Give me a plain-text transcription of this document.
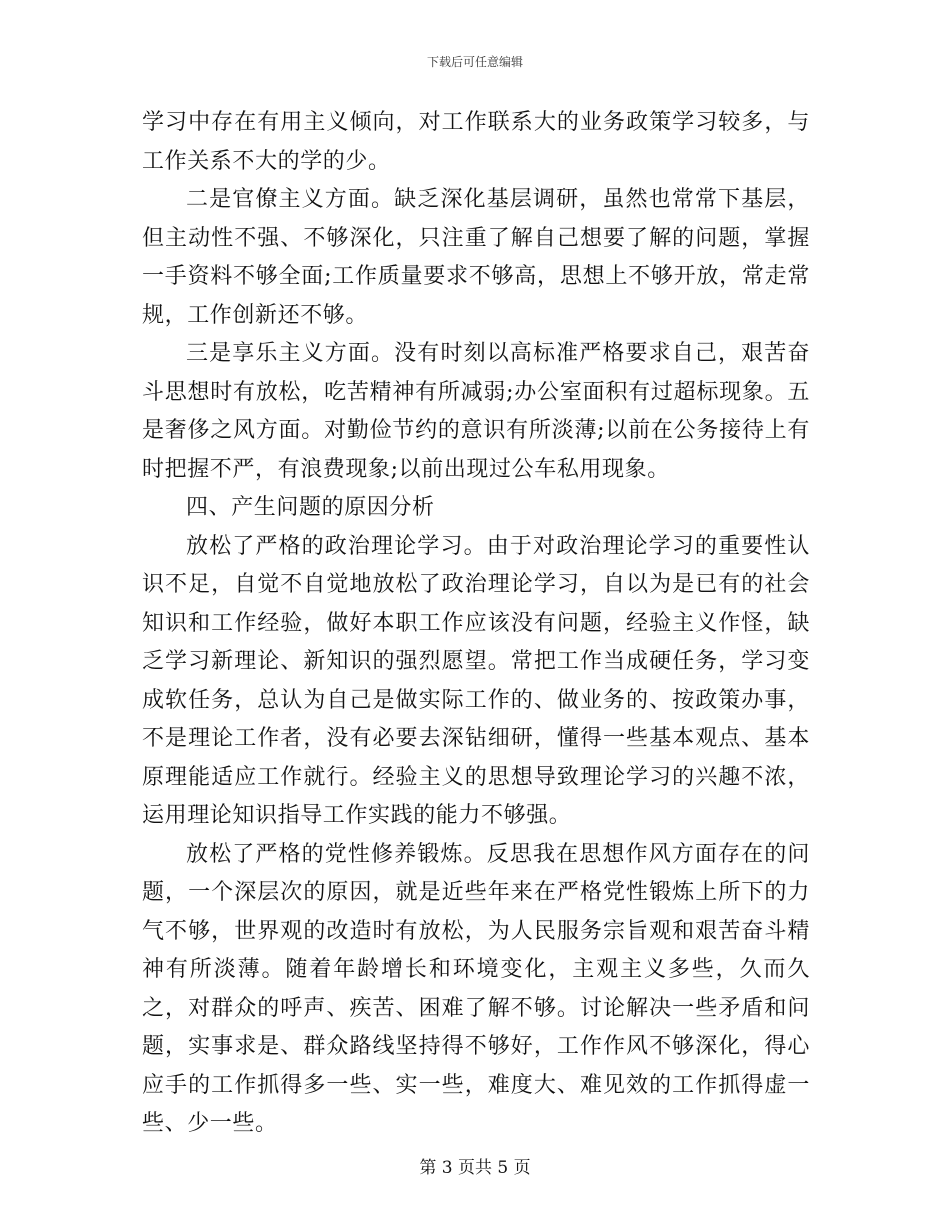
下载后可任意编辑

学习中存在有用主义倾向，对工作联系大的业务政策学习较多，与工作关系不大的学的少。

二是官僚主义方面。缺乏深化基层调研，虽然也常常下基层，但主动性不强、不够深化，只注重了解自己想要了解的问题，掌握一手资料不够全面;工作质量要求不够高，思想上不够开放，常走常规，工作创新还不够。

三是享乐主义方面。没有时刻以高标准严格要求自己，艰苦奋斗思想时有放松，吃苦精神有所减弱;办公室面积有过超标现象。五是奢侈之风方面。对勤俭节约的意识有所淡薄;以前在公务接待上有时把握不严，有浪费现象;以前出现过公车私用现象。

四、产生问题的原因分析

放松了严格的政治理论学习。由于对政治理论学习的重要性认识不足，自觉不自觉地放松了政治理论学习，自以为是已有的社会知识和工作经验，做好本职工作应该没有问题，经验主义作怪，缺乏学习新理论、新知识的强烈愿望。常把工作当成硬任务，学习变成软任务，总认为自己是做实际工作的、做业务的、按政策办事，不是理论工作者，没有必要去深钻细研，懂得一些基本观点、基本原理能适应工作就行。经验主义的思想导致理论学习的兴趣不浓，运用理论知识指导工作实践的能力不够强。

放松了严格的党性修养锻炼。反思我在思想作风方面存在的问题，一个深层次的原因，就是近些年来在严格党性锻炼上所下的力气不够，世界观的改造时有放松，为人民服务宗旨观和艰苦奋斗精神有所淡薄。随着年龄增长和环境变化，主观主义多些，久而久之，对群众的呼声、疾苦、困难了解不够。讨论解决一些矛盾和问题，实事求是、群众路线坚持得不够好，工作作风不够深化，得心应手的工作抓得多一些、实一些，难度大、难见效的工作抓得虚一些、少一些。

第 3 页共 5 页
